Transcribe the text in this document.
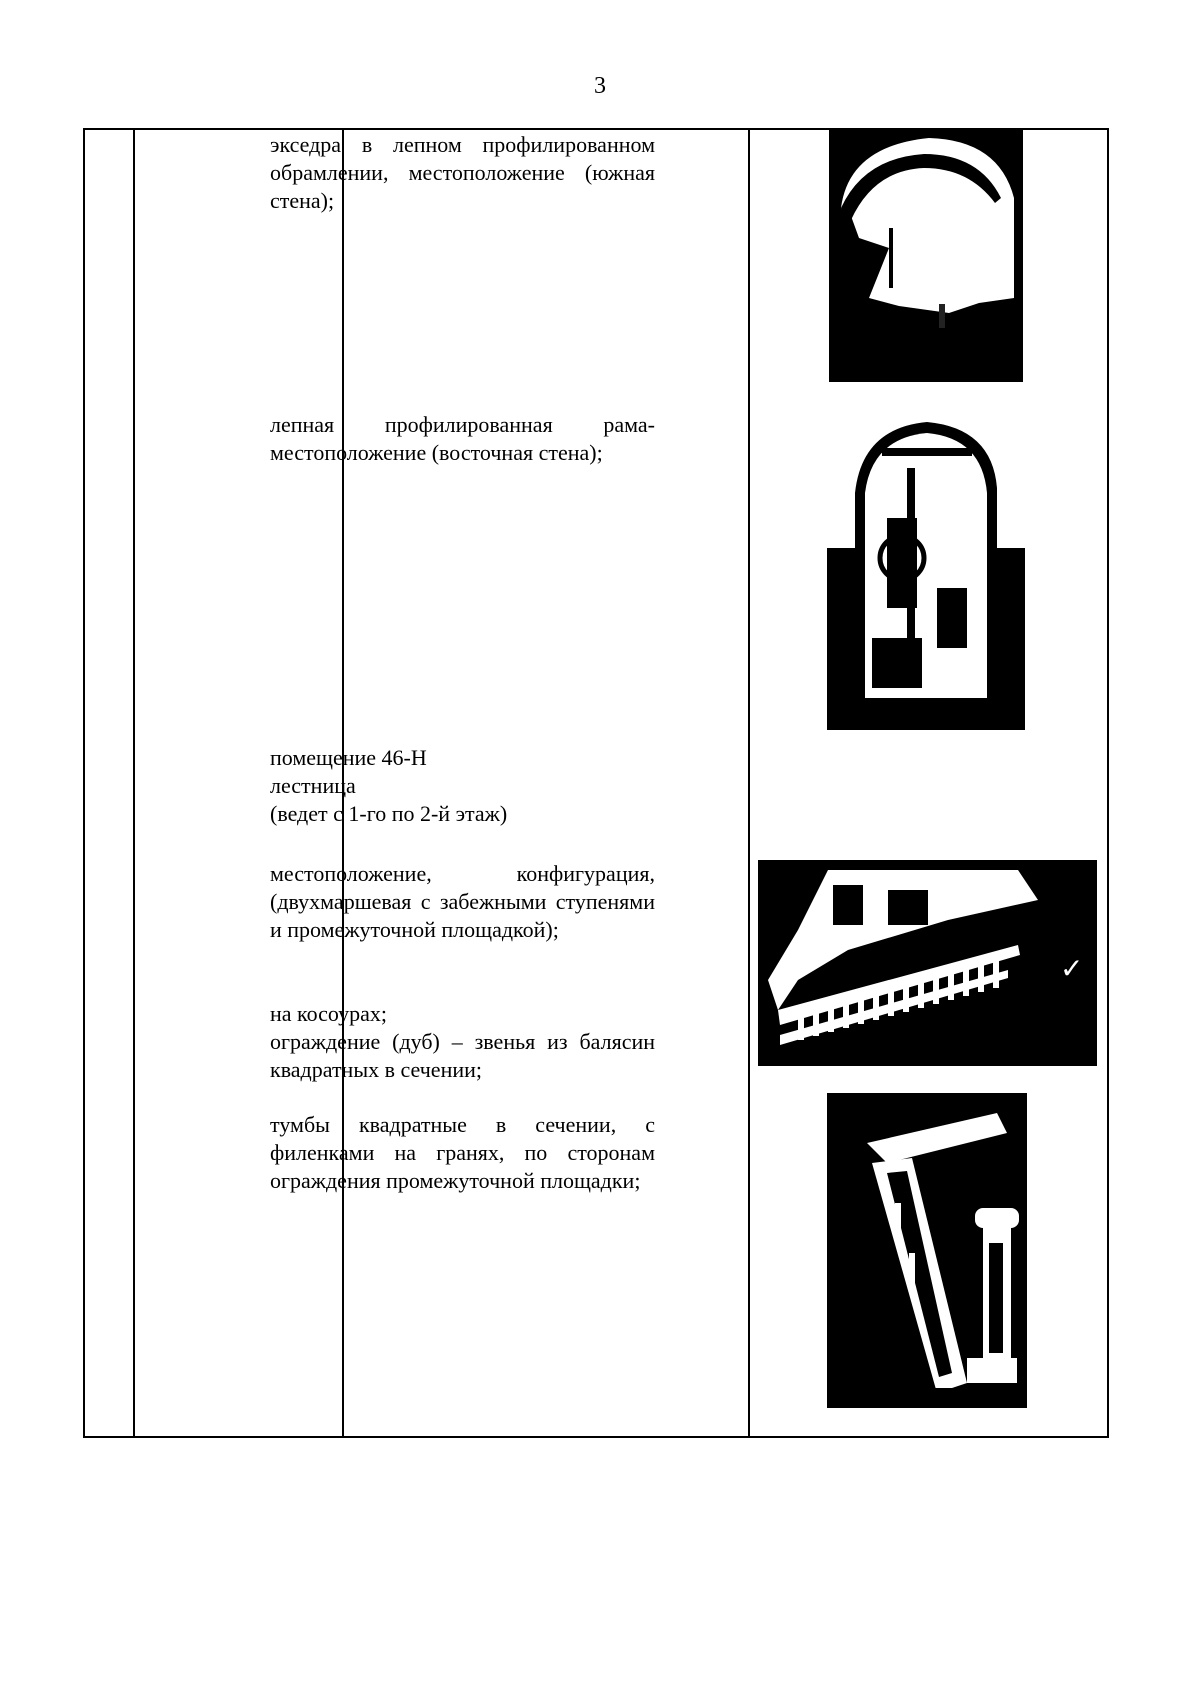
3

экседра в лепном профилированном обрамлении, местоположение (южная стена);

лепная профилированная рама-местоположение (восточная стена);

помещение 46-Н

лестница

(ведет с 1-го по 2-й этаж)

местоположение, конфигурация, (двухмаршевая с забежными ступенями и промежуточной площадкой);

на косоурах;

ограждение (дуб) – звенья из балясин квадратных в сечении;

тумбы квадратные в сечении, с филенками на гранях, по сторонам ограждения промежуточной площадки;

✓
